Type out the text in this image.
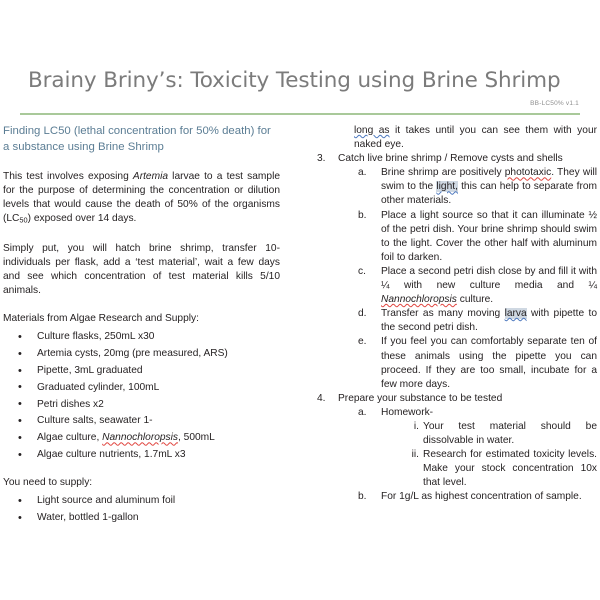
Brainy Briny’s: Toxicity Testing using Brine Shrimp
BB-LC50% v1.1
Finding LC50 (lethal concentration for 50% death) for a substance using Brine Shrimp

This test involves exposing Artemia larvae to a test sample for the purpose of determining the concentration or dilution levels that would cause the death of 50% of the organisms $(LC_{50})$ exposed over 14 days.

Simply put, you will hatch brine shrimp, transfer 10-individuals per flask, add a ‘test material’, wait a few days and see which concentration of test material kills 5/10 animals.

Materials from Algae Research and Supply:

• Culture flasks, 250mL x30
• Artemia cysts, 20mg (pre measured, ARS)
• Pipette, 3mL graduated
• Graduated cylinder, 100mL
• Petri dishes x2
• Culture salts, seawater 1-
• Algae culture, Nannochloropsis, 500mL
• Algae culture nutrients, 1.7mL x3

You need to supply:

• Light source and aluminum foil
• Water, bottled 1-gallon

long as it takes until you can see them with your naked eye.

3.	Catch live brine shrimp / Remove cysts and shells

a.	Brine shrimp are positively phototaxic. They will swim to the light, this can help to separate from other materials.

b.	Place a light source so that it can illuminate ½ of the petri dish. Your brine shrimp should swim to the light. Cover the other half with aluminum foil to darken.

c.	Place a second petri dish close by and fill it with ¼ with new culture media and ¼ Nannochloropsis culture.

d.	Transfer as many moving larva with pipette to the second petri dish.

e.	If you feel you can comfortably separate ten of these animals using the pipette you can proceed. If they are too small, incubate for a few more days.

4.	Prepare your substance to be tested

a.	Homework-

i. Your test material should be dissolvable in water.

ii. Research for estimated toxicity levels. Make your stock concentration 10x that level.

b.	For 1g/L as highest concentration of sample.
